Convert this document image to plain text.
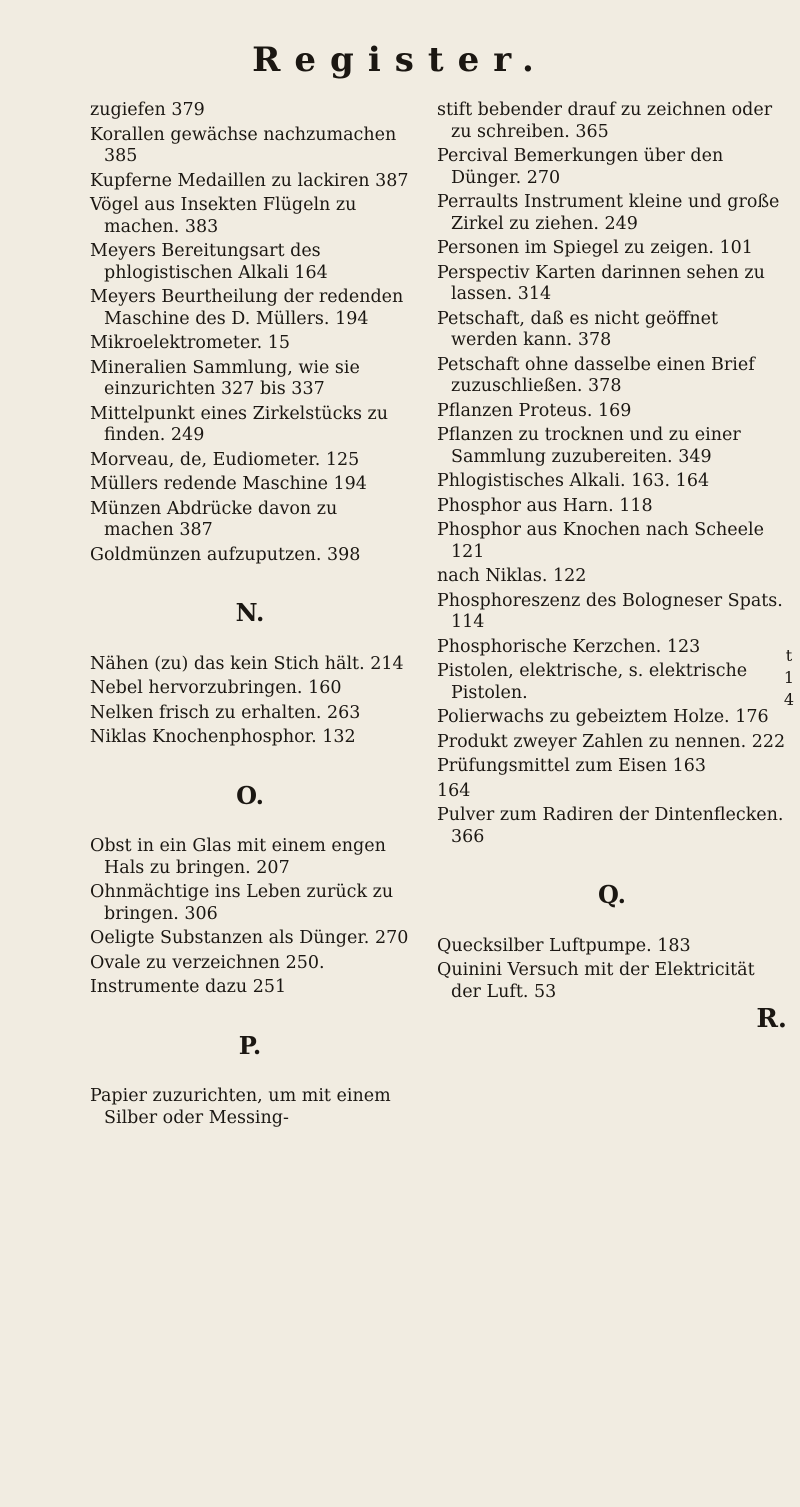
Register.
zugiefen 379
Korallen gewächse nachzumachen 385
Kupferne Medaillen zu lackiren 387
Vögel aus Insekten Flügeln zu machen. 383
Meyers Bereitungsart des phlogistischen Alkali 164
Meyers Beurtheilung der redenden Maschine des D. Müllers. 194
Mikroelektrometer. 15
Mineralien Sammlung, wie sie einzurichten 327 bis 337
Mittelpunkt eines Zirkelstücks zu finden. 249
Morveau, de, Eudiometer. 125
Müllers redende Maschine 194
Münzen Abdrücke davon zu machen 387
Goldmünzen aufzuputzen. 398
N.
Nähen (zu) das kein Stich hält. 214
Nebel hervorzubringen. 160
Nelken frisch zu erhalten. 263
Niklas Knochenphosphor. 132
O.
Obst in ein Glas mit einem engen Hals zu bringen. 207
Ohnmächtige ins Leben zurück zu bringen. 306
Oeligte Substanzen als Dünger. 270
Ovale zu verzeichnen 250.
Instrumente dazu 251
P.
Papier zuzurichten, um mit einem Silber oder Messing-
stift bebender drauf zu zeichnen oder zu schreiben. 365
Percival Bemerkungen über den Dünger. 270
Perraults Instrument kleine und große Zirkel zu ziehen. 249
Personen im Spiegel zu zeigen. 101
Perspectiv Karten darinnen sehen zu lassen. 314
Petschaft, daß es nicht geöffnet werden kann. 378
Petschaft ohne dasselbe einen Brief zuzuschließen. 378
Pflanzen Proteus. 169
Pflanzen zu trocknen und zu einer Sammlung zuzubereiten. 349
Phlogistisches Alkali. 163. 164
Phosphor aus Harn. 118
Phosphor aus Knochen nach Scheele 121
nach Niklas. 122
Phosphoreszenz des Bologneser Spats. 114
Phosphorische Kerzchen. 123
Pistolen, elektrische, s. elektrische Pistolen.
Polierwachs zu gebeiztem Holze. 176
Produkt zweyer Zahlen zu nennen. 222
Prüfungsmittel zum Eisen 163
164
Pulver zum Radiren der Dintenflecken. 366
Q.
Quecksilber Luftpumpe. 183
Quinini Versuch mit der Elektricität der Luft. 53
R.
t
1
4
